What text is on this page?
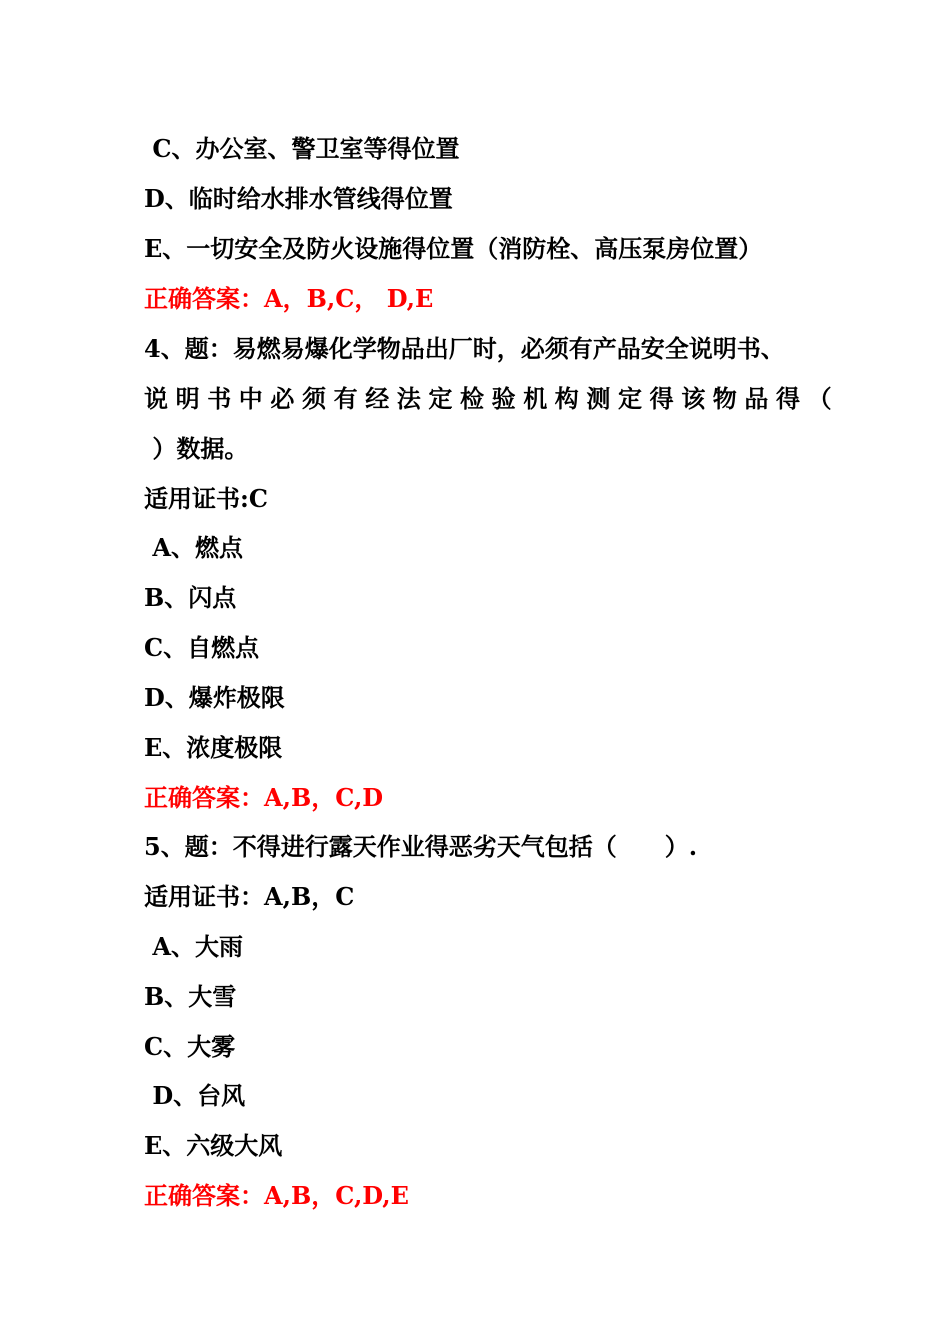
C、办公室、警卫室等得位置
D、临时给水排水管线得位置
E、一切安全及防火设施得位置（消防栓、高压泵房位置）
正确答案：A，B,C， D,E
4、题：易燃易爆化学物品出厂时，必须有产品安全说明书、
说明书中必须有经法定检验机构测定得该物品得（
）数据。
适用证书:C
A、燃点
B、闪点
C、自燃点
D、爆炸极限
E、浓度极限
正确答案：A,B，C,D
5、题：不得进行露天作业得恶劣天气包括（　　）.
适用证书：A,B，C
A、大雨
B、大雪
C、大雾
D、台风
E、六级大风
正确答案：A,B，C,D,E
